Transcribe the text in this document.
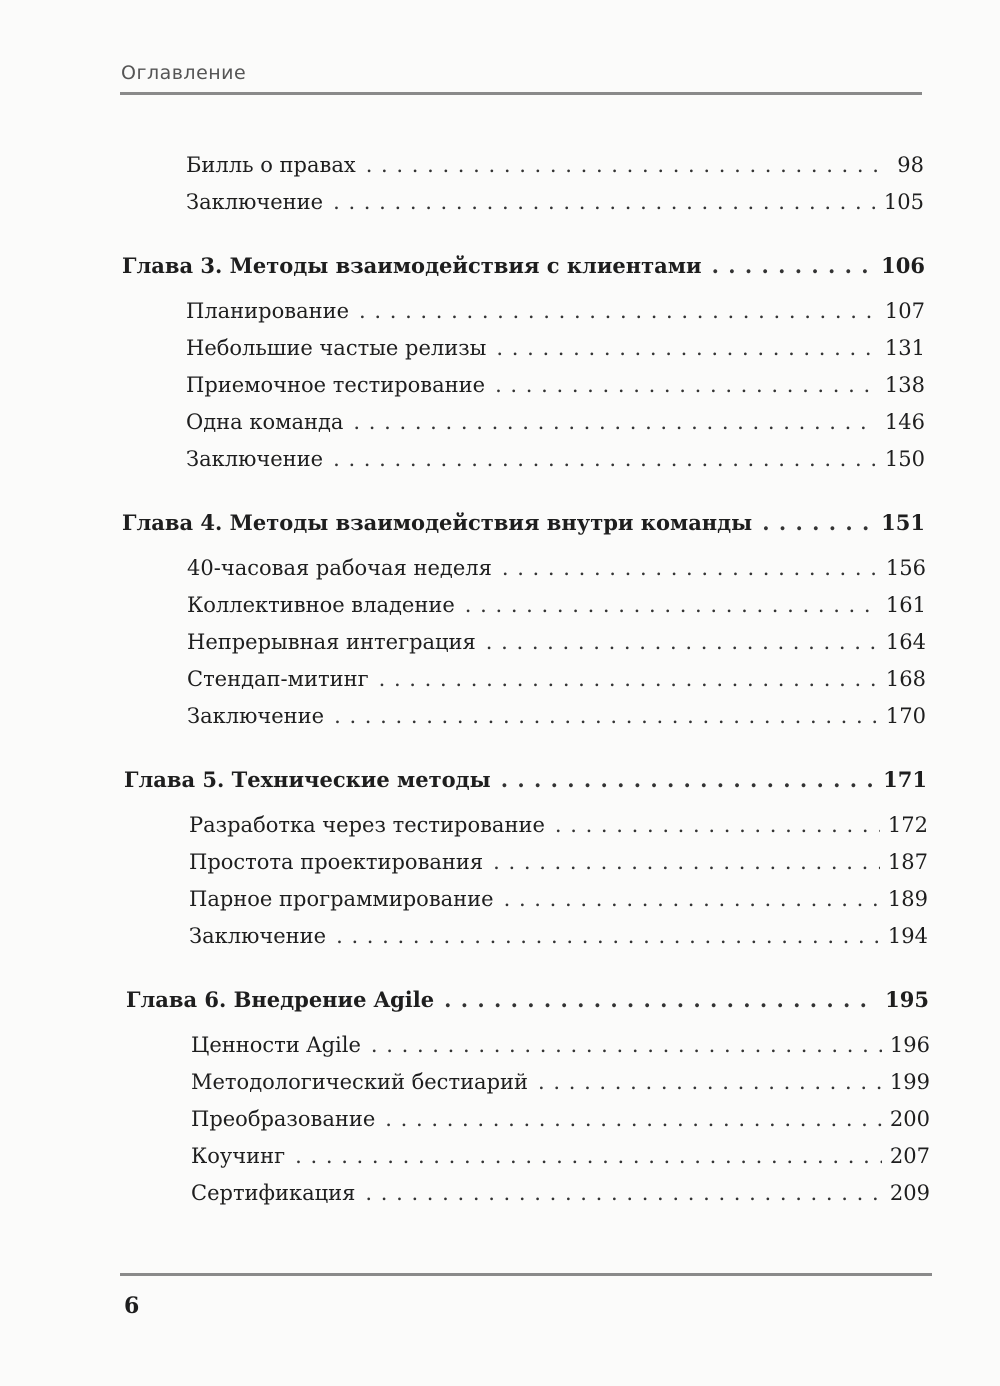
Оглавление
Билль о правах . . .	98
Заключение . . .	105
Глава 3. Методы взаимодействия с клиентами . . .	106
Планирование . . .	107
Небольшие частые релизы . . .	131
Приемочное тестирование . . .	138
Одна команда . . .	146
Заключение . . .	150
Глава 4. Методы взаимодействия внутри команды . . .	151
40-часовая рабочая неделя . . .	156
Коллективное владение . . .	161
Непрерывная интеграция . . .	164
Стендап-митинг . . .	168
Заключение . . .	170
Глава 5. Технические методы . . .	171
Разработка через тестирование . . .	172
Простота проектирования . . .	187
Парное программирование . . .	189
Заключение . . .	194
Глава 6. Внедрение Agile . . .	195
Ценности Agile . . .	196
Методологический бестиарий . . .	199
Преобразование . . .	200
Коучинг . . .	207
Сертификация . . .	209
6
